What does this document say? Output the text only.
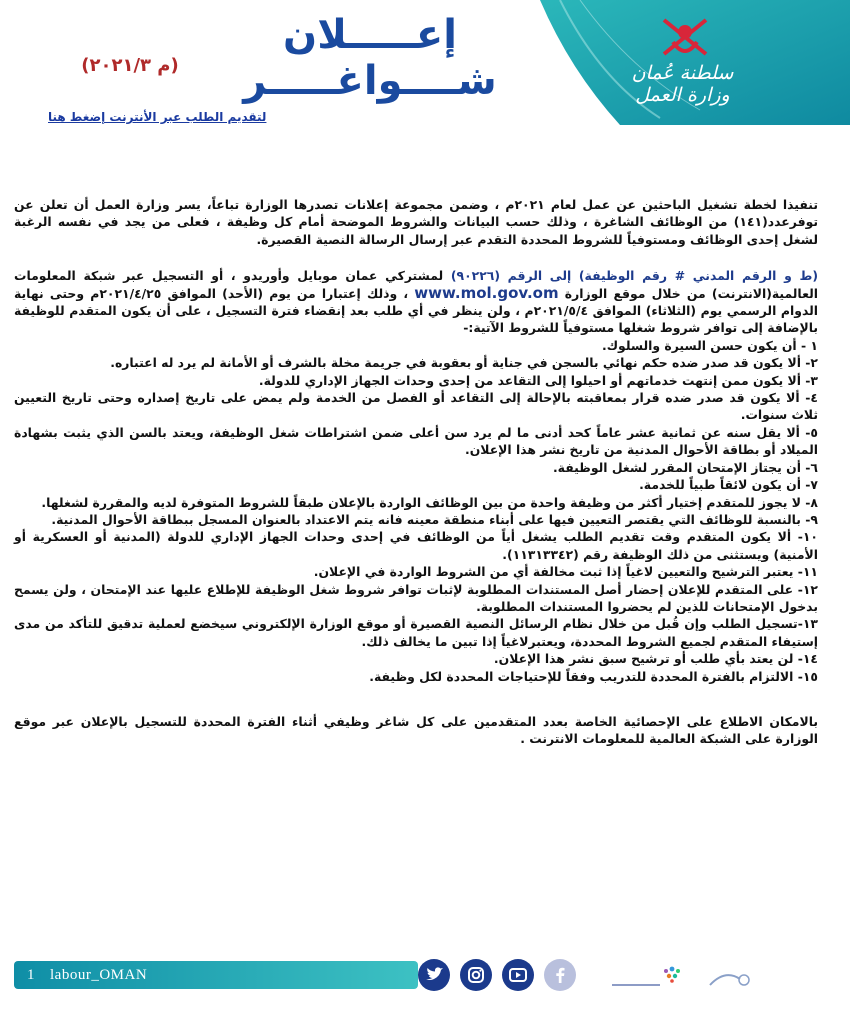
سلطنة عُمان
وزارة العمل
إعـــــلان شــــواغـــــر
(م ٢٠٢١/٣)
لتقديم الطلب عبر الأنترنت إضغط هنا

تنفيذا لخطة تشغيل الباحثين عن عمل لعام ٢٠٢١م ، وضمن مجموعة إعلانات تصدرها الوزارة تباعاً، يسر وزارة العمل أن تعلن عن توفرعدد(١٤١) من الوظائف الشاغرة ، وذلك حسب البيانات والشروط الموضحة أمام كل وظيفة ، فعلى من يجد في نفسه الرغبة لشغل إحدى الوظائف ومستوفياً للشروط المحددة التقدم عبر إرسال الرسالة النصية القصيرة.

(ط و الرقم المدني # رقم الوظيفة) إلى الرقم (٩٠٢٢٦) لمشتركي عمان موبايل وأوريدو ، أو التسجيل عبر شبكة المعلومات العالمية(الانترنت) من خلال موقع الوزارة www.mol.gov.om ، وذلك إعتبارا من يوم (الأحد) الموافق ٢٠٢١/٤/٢٥م وحتى نهاية الدوام الرسمي يوم (الثلاثاء) الموافق ٢٠٢١/٥/٤م ، ولن ينظر في أي طلب بعد إنقضاء فترة التسجيل ، على أن يكون المتقدم للوظيفة بالإضافة إلى توافر شروط شغلها مستوفياً للشروط الآتية:-

١ - أن يكون حسن السيرة والسلوك.

٢- ألا يكون قد صدر ضده حكم نهائي بالسجن في جناية أو بعقوبة في جريمة مخلة بالشرف أو الأمانة لم يرد له اعتباره.

٣- ألا يكون ممن إنتهت خدماتهم أو احيلوا إلى التقاعد من إحدى وحدات الجهاز الإداري للدولة.

٤- ألا يكون قد صدر ضده قرار بمعاقبته بالإحالة إلى التقاعد أو الفصل من الخدمة ولم يمض على تاريخ إصداره وحتى تاريخ التعيين ثلاث سنوات.

٥- ألا يقل سنه عن ثمانية عشر عاماً كحد أدنى ما لم يرد سن أعلى ضمن اشتراطات شغل الوظيفة، ويعتد بالسن الذي يثبت بشهادة الميلاد أو بطاقة الأحوال المدنية من تاريخ نشر هذا الإعلان.

٦- أن يجتاز الإمتحان المقرر لشغل الوظيفة.

٧- أن يكون لائقاً طبياً للخدمة.

٨- لا يجوز للمتقدم إختيار أكثر من وظيفة واحدة من بين الوظائف الواردة بالإعلان طبقاً للشروط المتوفرة لديه والمقررة لشغلها.

٩- بالنسبة للوظائف التي يقتصر التعيين فيها على أبناء منطقة معينه فانه يتم الاعتداد بالعنوان المسجل ببطاقة الأحوال المدنية.

١٠- ألا يكون المتقدم وقت تقديم الطلب يشغل أياً من الوظائف في إحدى وحدات الجهاز الإداري للدولة (المدنية أو العسكرية أو الأمنية) ويستثنى من ذلك الوظيفة رقم (١١٣١٣٣٤٢).

١١- يعتبر الترشيح والتعيين لاغياً إذا ثبت مخالفة أي من الشروط الواردة في الإعلان.

١٢- على المتقدم للإعلان إحضار أصل المستندات المطلوبة لإثبات توافر شروط شغل الوظيفة للإطلاع عليها عند الإمتحان ، ولن يسمح بدخول الإمتحانات للذين لم يحضروا المستندات المطلوبة.

١٣-تسجيل الطلب وإن قُبل من خلال نظام الرسائل النصية القصيرة أو موقع الوزارة الإلكتروني سيخضع لعملية تدقيق للتأكد من مدى إستيفاء المتقدم لجميع الشروط المحددة، ويعتبرلاغياً إذا تبين ما يخالف ذلك.

١٤- لن يعتد بأي طلب أو ترشيح سبق نشر هذا الإعلان.

١٥- الالتزام بالفترة المحددة للتدريب وفقاً للإحتياجات المحددة لكل وظيفة.

بالامكان الاطلاع على الإحصائية الخاصة بعدد المتقدمين على كل شاغر وظيفي أثناء الفترة المحددة للتسجيل بالإعلان عبر موقع الوزارة على الشبكة العالمية للمعلومات الانترنت .

1 labour_OMAN
